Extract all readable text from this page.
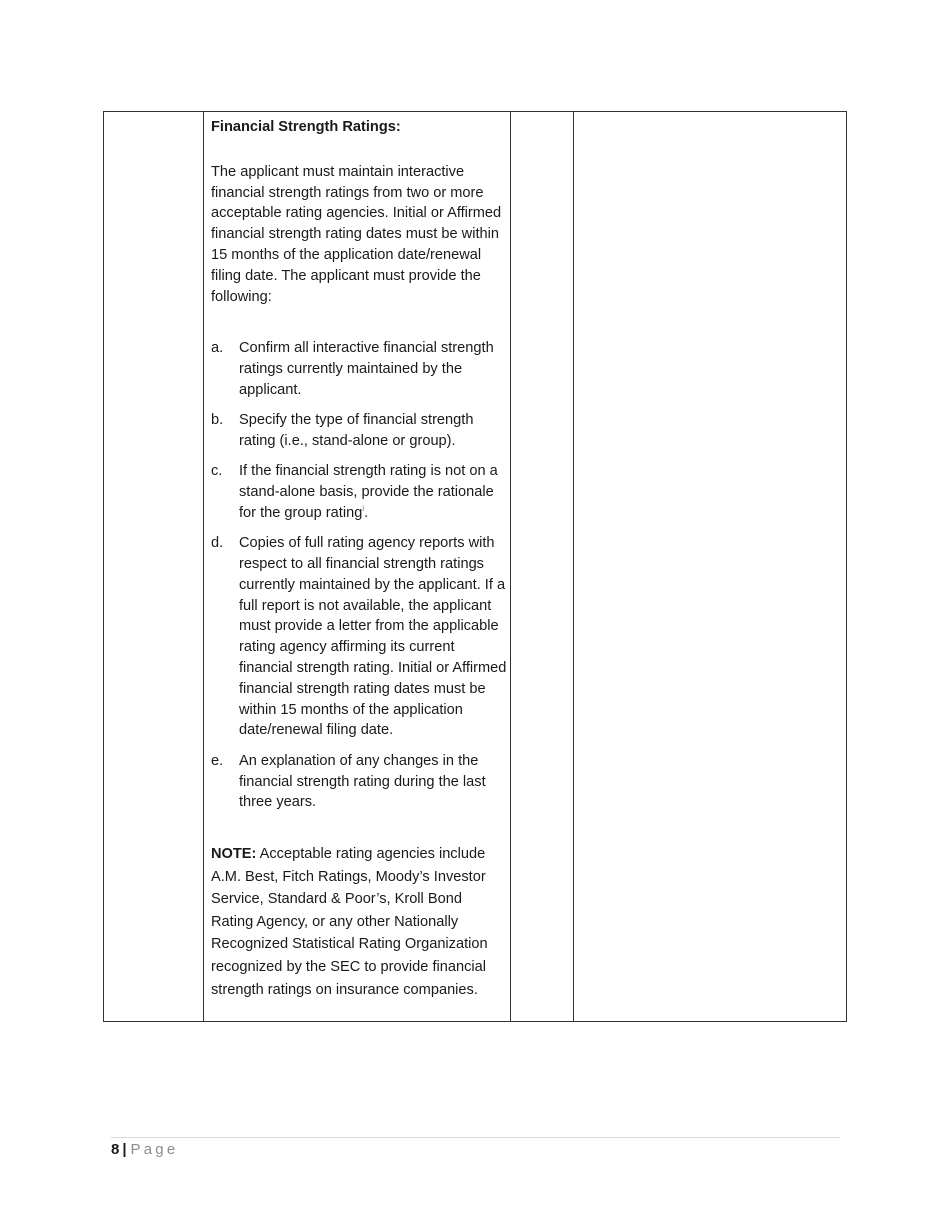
Financial Strength Ratings:

The applicant must maintain interactive financial strength ratings from two or more acceptable rating agencies. Initial or Affirmed financial strength rating dates must be within 15 months of the application date/renewal filing date. The applicant must provide the following:

a.	Confirm all interactive financial strength ratings currently maintained by the applicant.
b.	Specify the type of financial strength rating (i.e., stand-alone or group).
c.	If the financial strength rating is not on a stand-alone basis, provide the rationale for the group rating$^i$.
d.	Copies of full rating agency reports with respect to all financial strength ratings currently maintained by the applicant. If a full report is not available, the applicant must provide a letter from the applicable rating agency affirming its current financial strength rating. Initial or Affirmed financial strength rating dates must be within 15 months of the application date/renewal filing date.
e.	An explanation of any changes in the financial strength rating during the last three years.

NOTE: Acceptable rating agencies include A.M. Best, Fitch Ratings, Moody’s Investor Service, Standard & Poor’s, Kroll Bond Rating Agency, or any other Nationally Recognized Statistical Rating Organization recognized by the SEC to provide financial strength ratings on insurance companies.

8 | Page
